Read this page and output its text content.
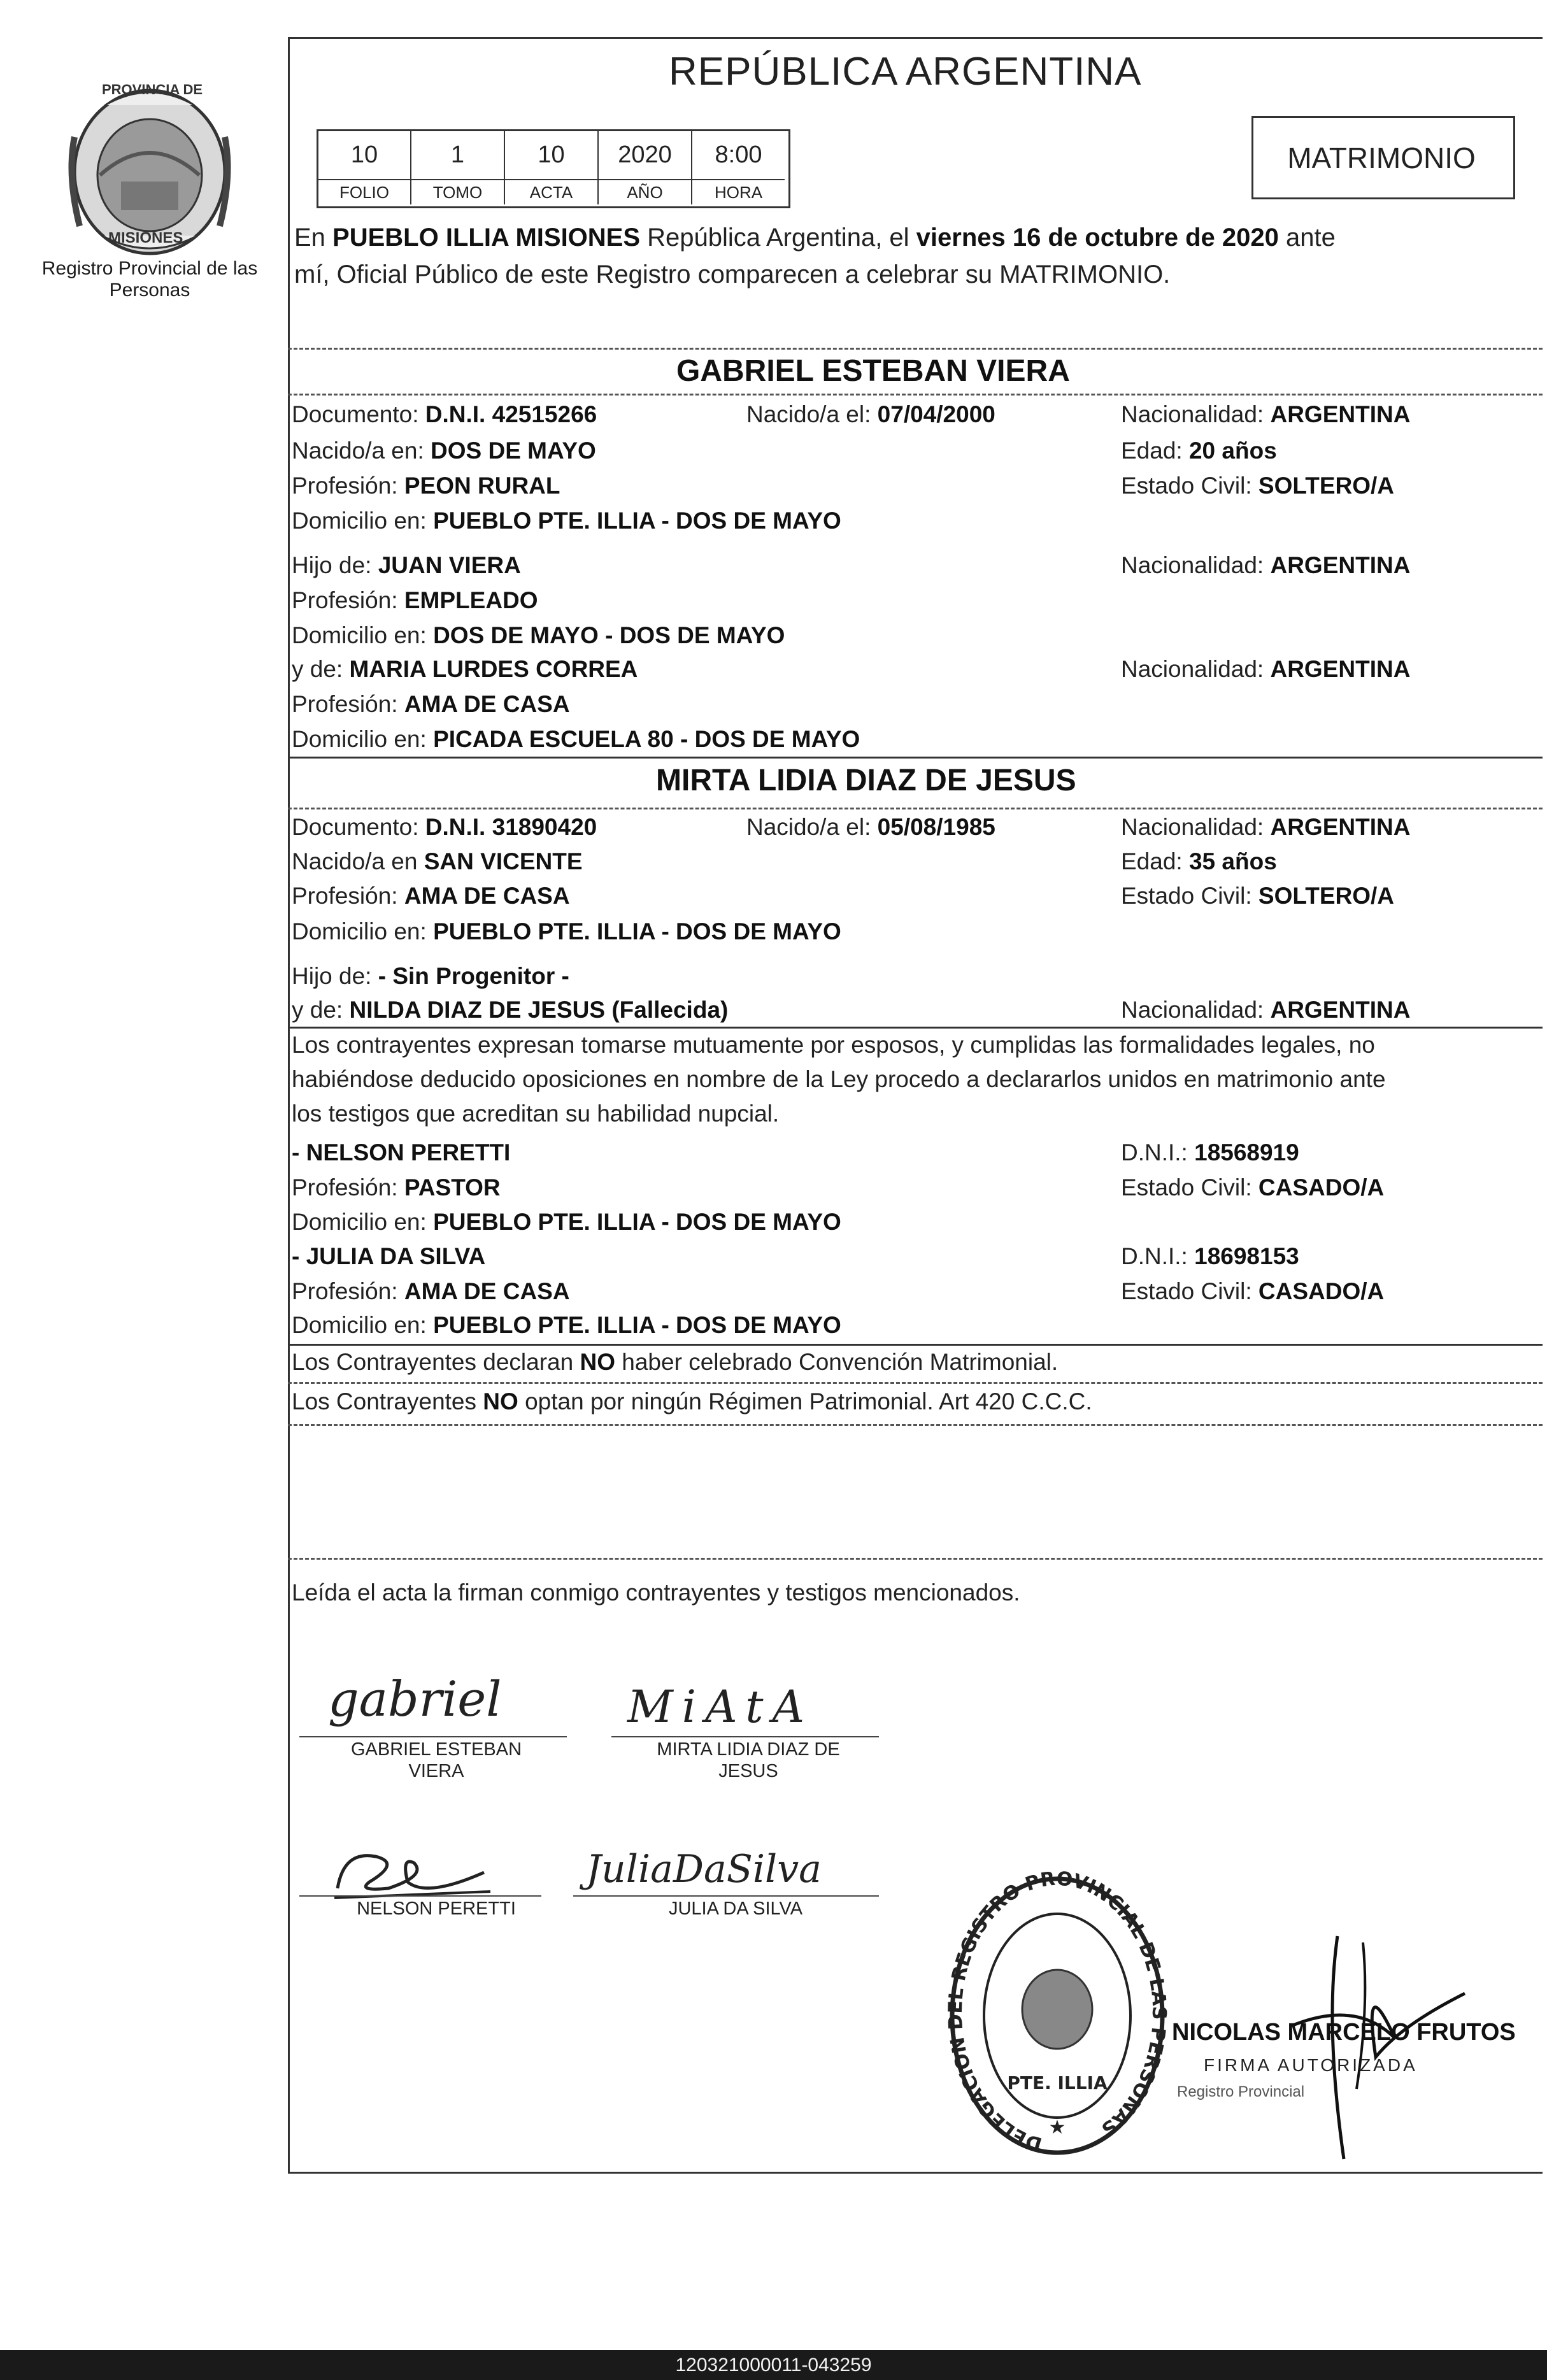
PROVINCIA DE
MISIONES
Registro Provincial de las Personas
REPÚBLICA ARGENTINA
10	1	10	2020	8:00
FOLIO	TOMO	ACTA	AÑO	HORA
MATRIMONIO
En PUEBLO ILLIA MISIONES República Argentina, el viernes 16 de octubre de 2020 ante
mí, Oficial Público de este Registro comparecen a celebrar su MATRIMONIO.
GABRIEL ESTEBAN VIERA
Documento: D.N.I. 42515266	Nacido/a el: 07/04/2000	Nacionalidad: ARGENTINA
Nacido/a en: DOS DE MAYO	Edad: 20 años
Profesión: PEON RURAL	Estado Civil: SOLTERO/A
Domicilio en: PUEBLO PTE. ILLIA - DOS DE MAYO
Hijo de: JUAN VIERA	Nacionalidad: ARGENTINA
Profesión: EMPLEADO
Domicilio en: DOS DE MAYO - DOS DE MAYO
y de: MARIA LURDES CORREA	Nacionalidad: ARGENTINA
Profesión: AMA DE CASA
Domicilio en: PICADA ESCUELA 80 - DOS DE MAYO
MIRTA LIDIA DIAZ DE JESUS
Documento: D.N.I. 31890420	Nacido/a el: 05/08/1985	Nacionalidad: ARGENTINA
Nacido/a en SAN VICENTE	Edad: 35 años
Profesión: AMA DE CASA	Estado Civil: SOLTERO/A
Domicilio en: PUEBLO PTE. ILLIA - DOS DE MAYO
Hijo de: - Sin Progenitor -
y de: NILDA DIAZ DE JESUS (Fallecida)	Nacionalidad: ARGENTINA
Los contrayentes expresan tomarse mutuamente por esposos, y cumplidas las formalidades legales, no
habiéndose deducido oposiciones en nombre de la Ley procedo a declararlos unidos en matrimonio ante
los testigos que acreditan su habilidad nupcial.
- NELSON PERETTI	D.N.I.: 18568919
Profesión: PASTOR	Estado Civil: CASADO/A
Domicilio en: PUEBLO PTE. ILLIA - DOS DE MAYO
- JULIA DA SILVA	D.N.I.: 18698153
Profesión: AMA DE CASA	Estado Civil: CASADO/A
Domicilio en: PUEBLO PTE. ILLIA - DOS DE MAYO
Los Contrayentes declaran NO haber celebrado Convención Matrimonial.
Los Contrayentes NO optan por ningún Régimen Patrimonial. Art 420 C.C.C.
Leída el acta la firman conmigo contrayentes y testigos mencionados.
gabriel
GABRIEL ESTEBAN VIERA
MiAtA
MIRTA LIDIA DIAZ DE JESUS
NELSON PERETTI
JuliaDaSilva
JULIA DA SILVA
DELEGACION DEL REGISTRO PROVINCIAL DE LAS PERSONAS
PTE. ILLIA
★
NICOLAS MARCELO FRUTOS
FIRMA AUTORIZADA
Registro Provincial
120321000011-043259
